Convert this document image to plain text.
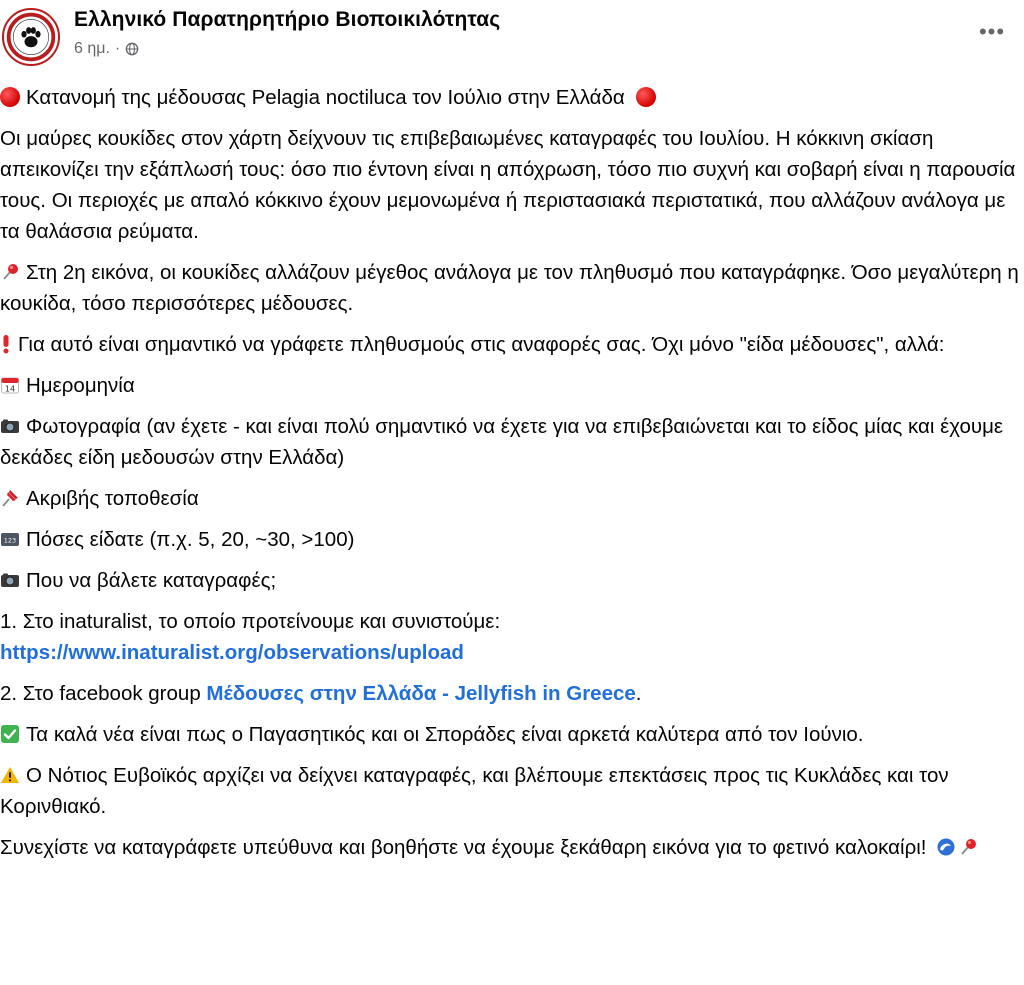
Ελληνικό Παρατηρητήριο Βιοποικιλότητας
6 ημ. ·
•••

Κατανομή της μέδουσας Pelagia noctiluca τον Ιούλιο στην Ελλάδα

Οι μαύρες κουκίδες στον χάρτη δείχνουν τις επιβεβαιωμένες καταγραφές του Ιουλίου. Η κόκκινη σκίαση απεικονίζει την εξάπλωσή τους: όσο πιο έντονη είναι η απόχρωση, τόσο πιο συχνή και σοβαρή είναι η παρουσία τους. Οι περιοχές με απαλό κόκκινο έχουν μεμονωμένα ή περιστασιακά περιστατικά, που αλλάζουν ανάλογα με τα θαλάσσια ρεύματα.

Στη 2η εικόνα, οι κουκίδες αλλάζουν μέγεθος ανάλογα με τον πληθυσμό που καταγράφηκε. Όσο μεγαλύτερη η κουκίδα, τόσο περισσότερες μέδουσες.

Για αυτό είναι σημαντικό να γράφετε πληθυσμούς στις αναφορές σας. Όχι μόνο "είδα μέδουσες", αλλά:

14 Ημερομηνία

Φωτογραφία (αν έχετε - και είναι πολύ σημαντικό να έχετε για να επιβεβαιώνεται και το είδος μίας και έχουμε δεκάδες είδη μεδουσών στην Ελλάδα)

Ακριβής τοποθεσία

123 Πόσες είδατε (π.χ. 5, 20, ~30, >100)

Που να βάλετε καταγραφές;

1. Στο inaturalist, το οποίο προτείνουμε και συνιστούμε:
https://www.inaturalist.org/observations/upload

2. Στο facebook group Μέδουσες στην Ελλάδα - Jellyfish in Greece.

Τα καλά νέα είναι πως ο Παγασητικός και οι Σποράδες είναι αρκετά καλύτερα από τον Ιούνιο.

Ο Νότιος Ευβοϊκός αρχίζει να δείχνει καταγραφές, και βλέπουμε επεκτάσεις προς τις Κυκλάδες και τον Κορινθιακό.

Συνεχίστε να καταγράφετε υπεύθυνα και βοηθήστε να έχουμε ξεκάθαρη εικόνα για το φετινό καλοκαίρι!
